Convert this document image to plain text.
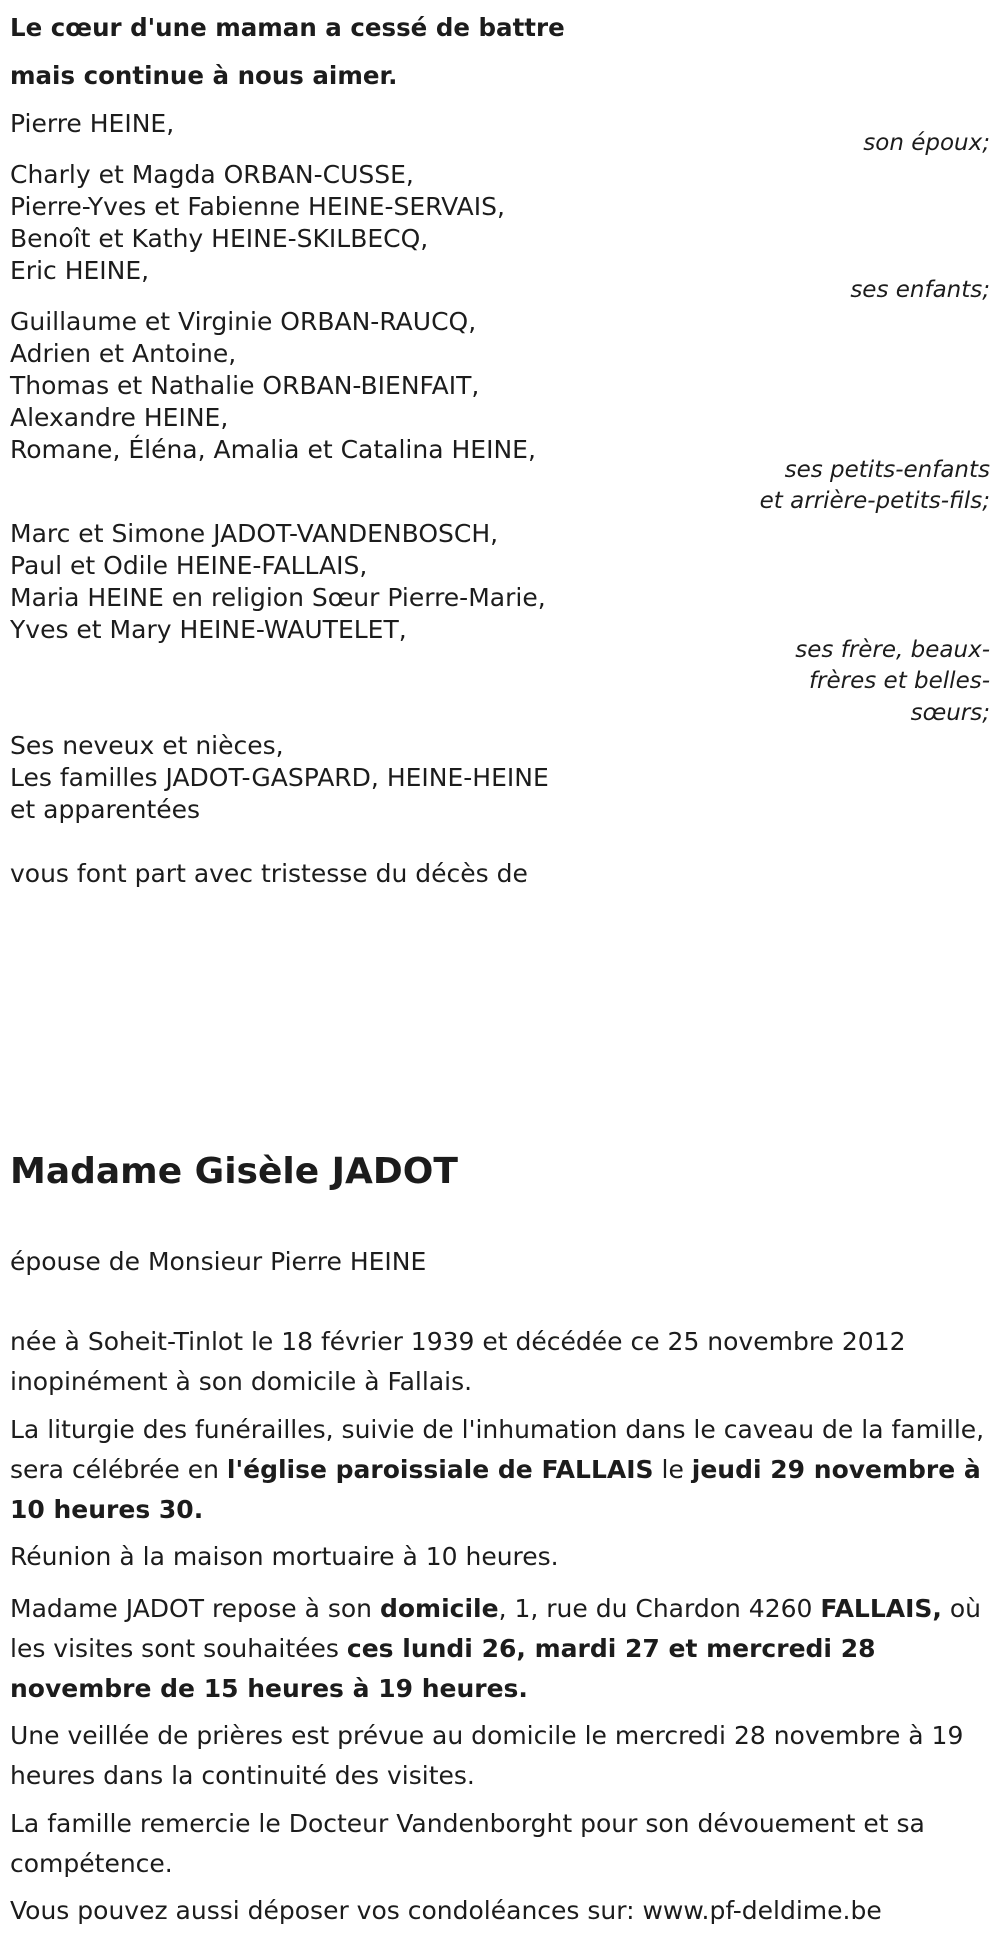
Le cœur d'une maman a cessé de battre
mais continue à nous aimer.
Pierre HEINE,
son époux;
Charly et Magda ORBAN-CUSSE,
Pierre-Yves et Fabienne HEINE-SERVAIS,
Benoît et Kathy HEINE-SKILBECQ,
Eric HEINE,
ses enfants;
Guillaume et Virginie ORBAN-RAUCQ,
Adrien et Antoine,
Thomas et Nathalie ORBAN-BIENFAIT,
Alexandre HEINE,
Romane, Éléna, Amalia et Catalina HEINE,
ses petits-enfants
et arrière-petits-fils;
Marc et Simone JADOT-VANDENBOSCH,
Paul et Odile HEINE-FALLAIS,
Maria HEINE en religion Sœur Pierre-Marie,
Yves et Mary HEINE-WAUTELET,
ses frère, beaux-
frères et belles-
sœurs;
Ses neveux et nièces,
Les familles JADOT-GASPARD, HEINE-HEINE
et apparentées
vous font part avec tristesse du décès de
Madame Gisèle JADOT
épouse de Monsieur Pierre HEINE
née à Soheit-Tinlot le 18 février 1939 et décédée ce 25 novembre 2012 inopinément à son domicile à Fallais.
La liturgie des funérailles, suivie de l'inhumation dans le caveau de la famille, sera célébrée en l'église paroissiale de FALLAIS le jeudi 29 novembre à 10 heures 30.
Réunion à la maison mortuaire à 10 heures.
Madame JADOT repose à son domicile, 1, rue du Chardon 4260 FALLAIS, où les visites sont souhaitées ces lundi 26, mardi 27 et mercredi 28 novembre de 15 heures à 19 heures.
Une veillée de prières est prévue au domicile le mercredi 28 novembre à 19 heures dans la continuité des visites.
La famille remercie le Docteur Vandenborght pour son dévouement et sa compétence.
Vous pouvez aussi déposer vos condoléances sur: www.pf-deldime.be
